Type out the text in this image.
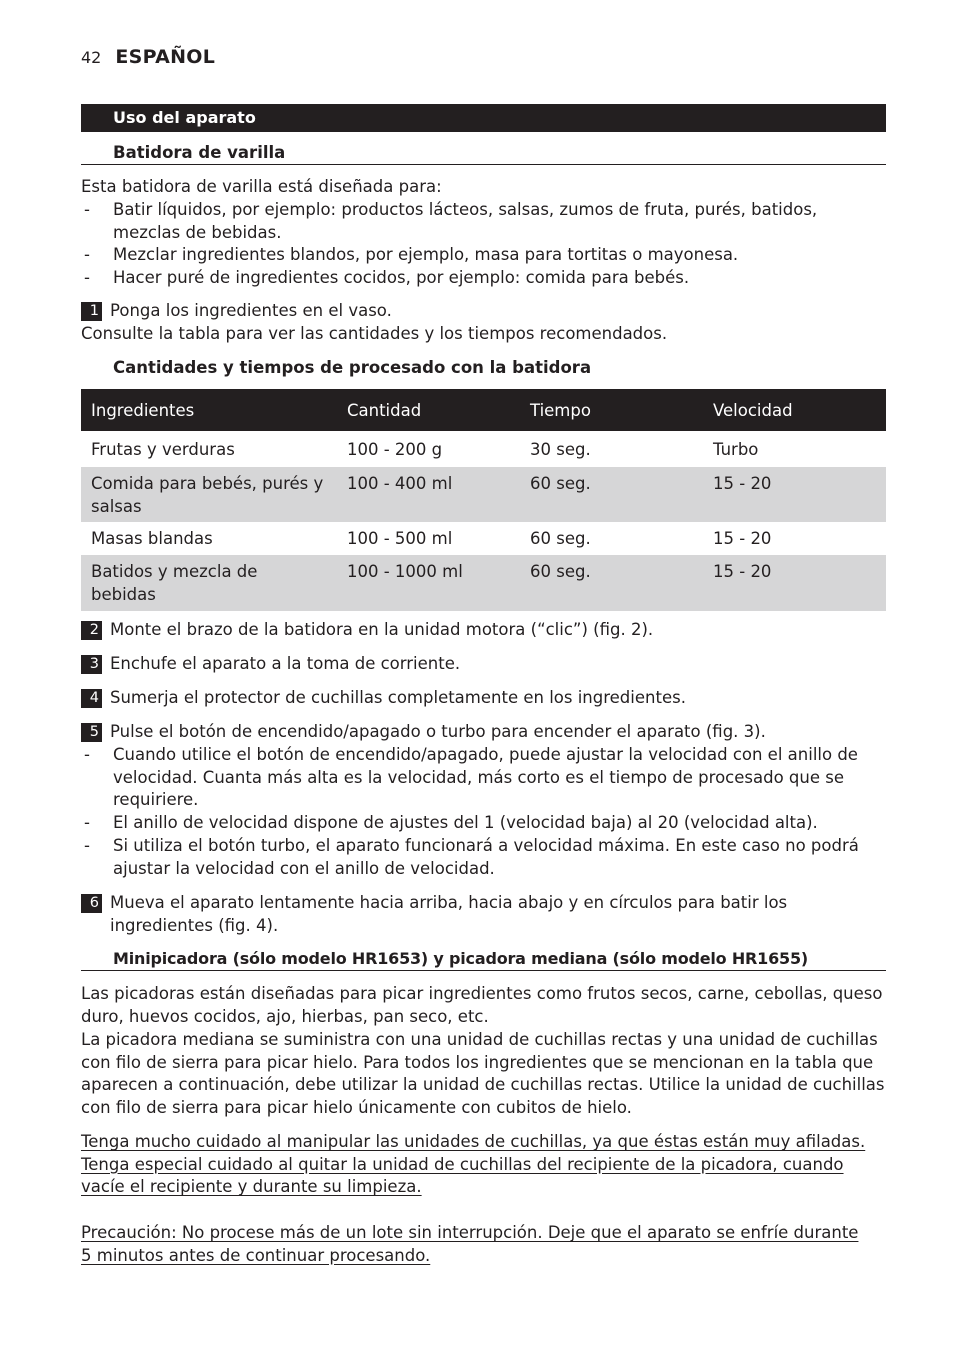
42 ESPAÑOL
Uso del aparato
Batidora de varilla
Esta batidora de varilla está diseñada para:
- Batir líquidos, por ejemplo: productos lácteos, salsas, zumos de fruta, purés, batidos, mezclas de bebidas.
- Mezclar ingredientes blandos, por ejemplo, masa para tortitas o mayonesa.
- Hacer puré de ingredientes cocidos, por ejemplo: comida para bebés.
1 Ponga los ingredientes en el vaso.
Consulte la tabla para ver las cantidades y los tiempos recomendados.
Cantidades y tiempos de procesado con la batidora
Ingredientes	Cantidad	Tiempo	Velocidad
Frutas y verduras	100 - 200 g	30 seg.	Turbo
Comida para bebés, purés y salsas	100 - 400 ml	60 seg.	15 - 20
Masas blandas	100 - 500 ml	60 seg.	15 - 20
Batidos y mezcla de bebidas	100 - 1000 ml	60 seg.	15 - 20
2 Monte el brazo de la batidora en la unidad motora (“clic”) (fig. 2).
3 Enchufe el aparato a la toma de corriente.
4 Sumerja el protector de cuchillas completamente en los ingredientes.
5 Pulse el botón de encendido/apagado o turbo para encender el aparato (fig. 3).
- Cuando utilice el botón de encendido/apagado, puede ajustar la velocidad con el anillo de velocidad. Cuanta más alta es la velocidad, más corto es el tiempo de procesado que se requiriere.
- El anillo de velocidad dispone de ajustes del 1 (velocidad baja) al 20 (velocidad alta).
- Si utiliza el botón turbo, el aparato funcionará a velocidad máxima. En este caso no podrá ajustar la velocidad con el anillo de velocidad.
6 Mueva el aparato lentamente hacia arriba, hacia abajo y en círculos para batir los ingredientes (fig. 4).
Minipicadora (sólo modelo HR1653) y picadora mediana (sólo modelo HR1655)
Las picadoras están diseñadas para picar ingredientes como frutos secos, carne, cebollas, queso duro, huevos cocidos, ajo, hierbas, pan seco, etc.
La picadora mediana se suministra con una unidad de cuchillas rectas y una unidad de cuchillas con filo de sierra para picar hielo. Para todos los ingredientes que se mencionan en la tabla que aparecen a continuación, debe utilizar la unidad de cuchillas rectas. Utilice la unidad de cuchillas con filo de sierra para picar hielo únicamente con cubitos de hielo.
Tenga mucho cuidado al manipular las unidades de cuchillas, ya que éstas están muy afiladas. Tenga especial cuidado al quitar la unidad de cuchillas del recipiente de la picadora, cuando vacíe el recipiente y durante su limpieza.
Precaución: No procese más de un lote sin interrupción. Deje que el aparato se enfríe durante 5 minutos antes de continuar procesando.
